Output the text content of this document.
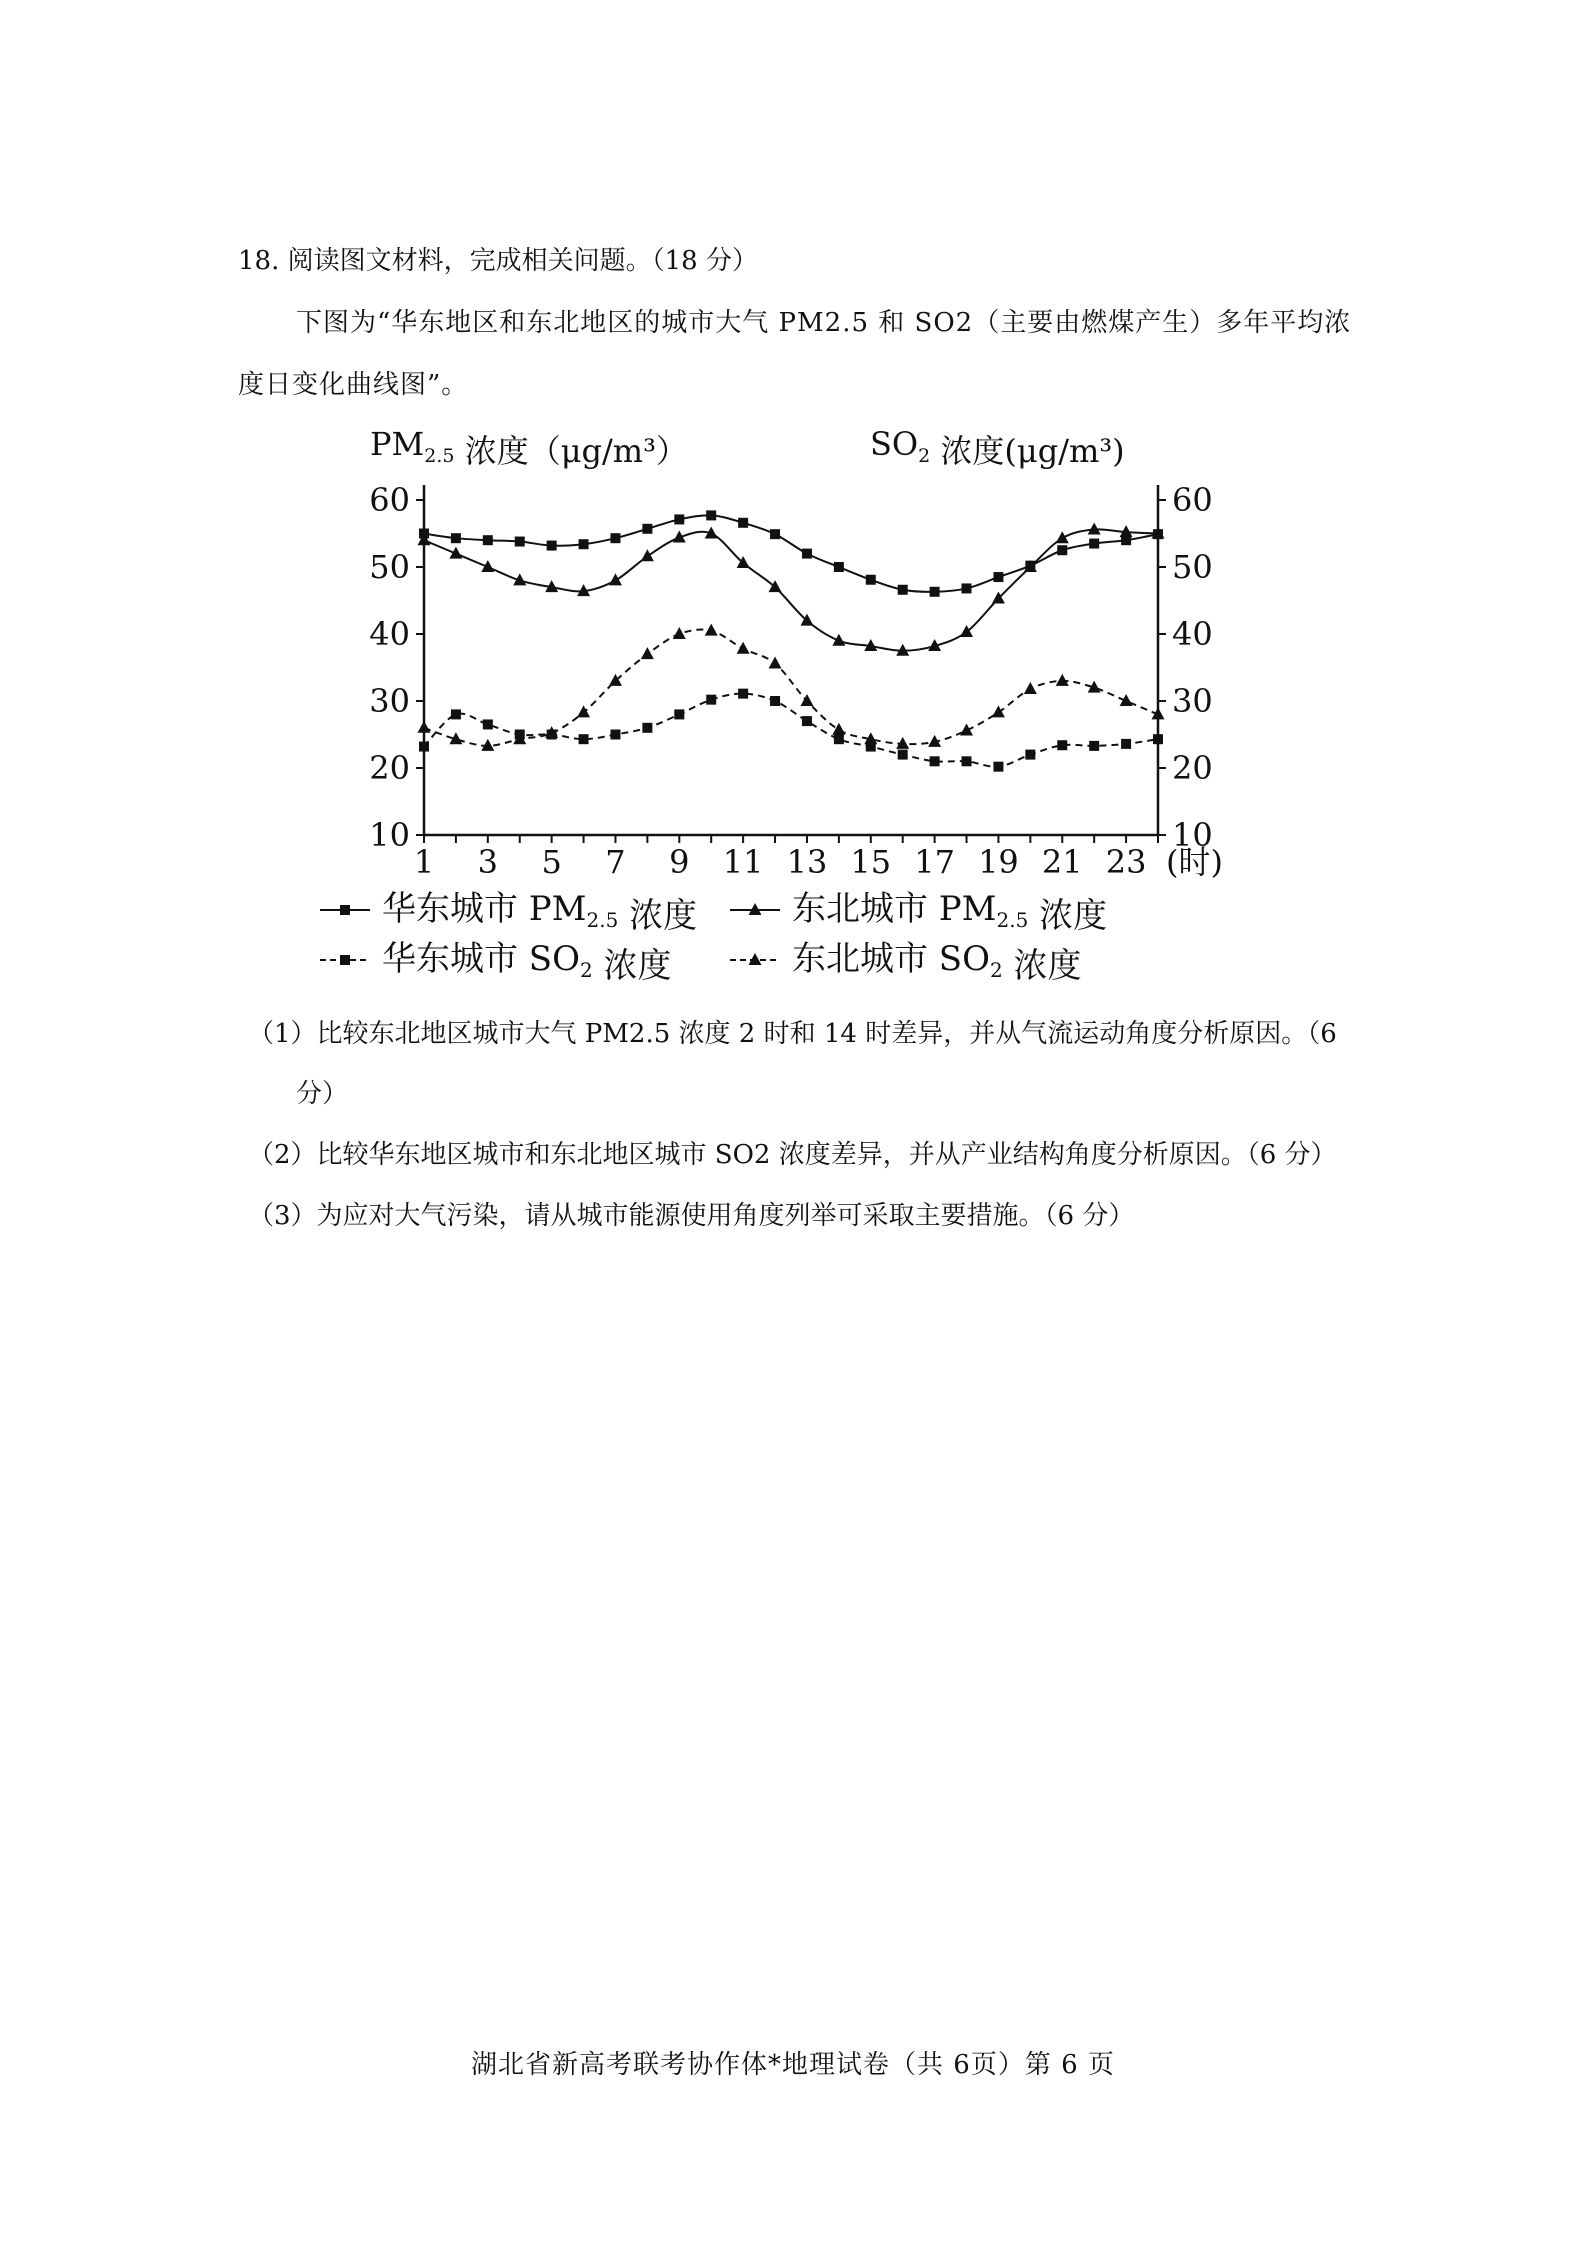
18. 阅读图文材料，完成相关问题。（18 分）
下图为“华东地区和东北地区的城市大气 PM2.5 和 SO2（主要由燃煤产生）多年平均浓
度日变化曲线图”。
$PM_{2.5}$ 浓度（μg/m³）	$SO_2$ 浓度(μg/m³)
10	10
20	20
30	30
40	40
50	50
60	60
1 3 5 7 9 11 13 15 17 19 21 23 (时)
华东城市 $PM_{2.5}$ 浓度	东北城市 $PM_{2.5}$ 浓度
华东城市 $SO_2$ 浓度	东北城市 $SO_2$ 浓度
（1）比较东北地区城市大气 PM2.5 浓度 2 时和 14 时差异，并从气流运动角度分析原因。（6
分）
（2）比较华东地区城市和东北地区城市 SO2 浓度差异，并从产业结构角度分析原因。（6 分）
（3）为应对大气污染，请从城市能源使用角度列举可采取主要措施。（6 分）
湖北省新高考联考协作体*地理试卷（共 6页）第 6 页
